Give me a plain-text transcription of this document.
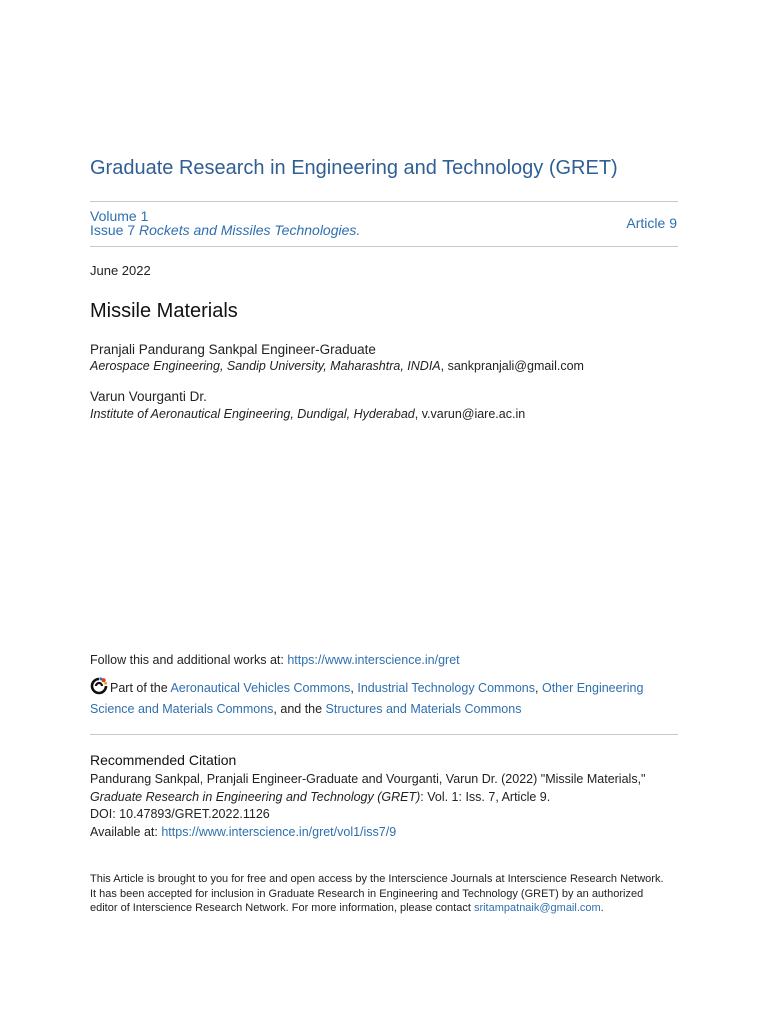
Graduate Research in Engineering and Technology (GRET)
Volume 1
Issue 7 Rockets and Missiles Technologies.	Article 9
June 2022
Missile Materials
Pranjali Pandurang Sankpal Engineer-Graduate
Aerospace Engineering, Sandip University, Maharashtra, INDIA, sankpranjali@gmail.com
Varun Vourganti Dr.
Institute of Aeronautical Engineering, Dundigal, Hyderabad, v.varun@iare.ac.in
Follow this and additional works at: https://www.interscience.in/gret
Part of the Aeronautical Vehicles Commons, Industrial Technology Commons, Other Engineering Science and Materials Commons, and the Structures and Materials Commons
Recommended Citation
Pandurang Sankpal, Pranjali Engineer-Graduate and Vourganti, Varun Dr. (2022) "Missile Materials,"
Graduate Research in Engineering and Technology (GRET): Vol. 1: Iss. 7, Article 9.
DOI: 10.47893/GRET.2022.1126
Available at: https://www.interscience.in/gret/vol1/iss7/9
This Article is brought to you for free and open access by the Interscience Journals at Interscience Research Network. It has been accepted for inclusion in Graduate Research in Engineering and Technology (GRET) by an authorized editor of Interscience Research Network. For more information, please contact sritampatnaik@gmail.com.
